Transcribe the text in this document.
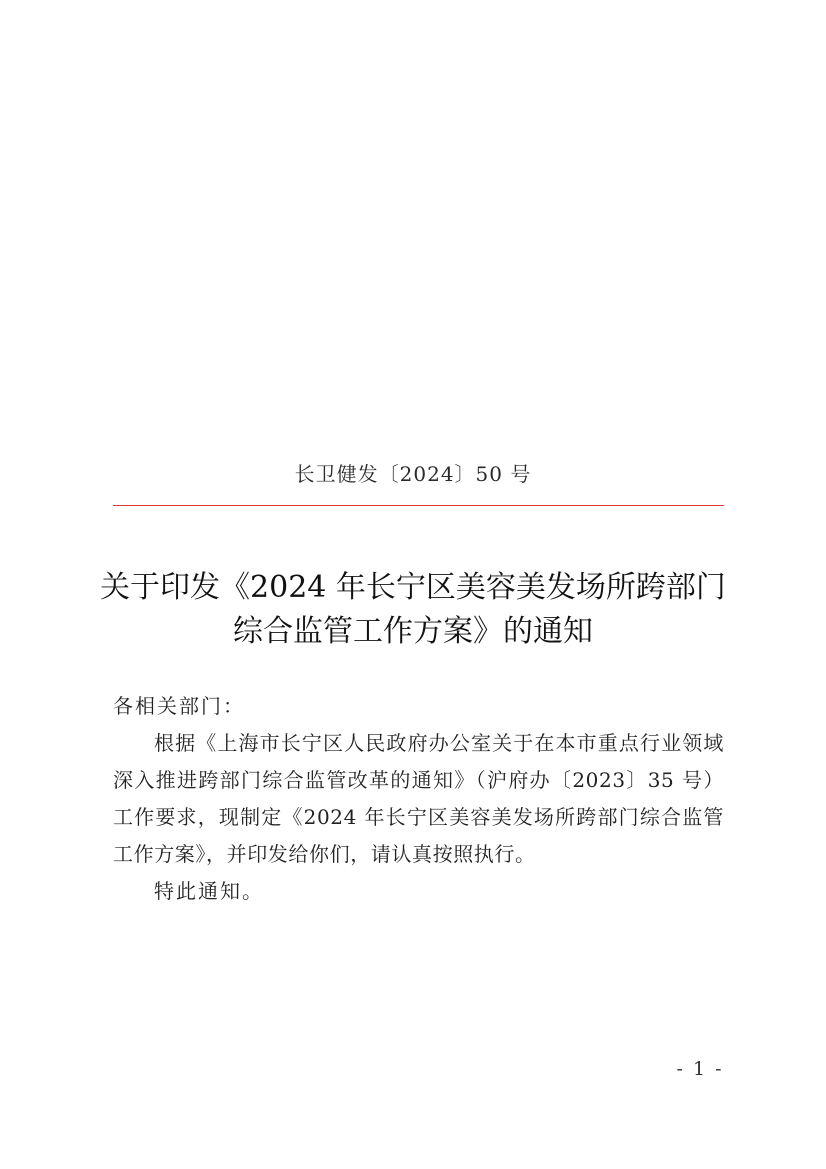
长卫健发〔2024〕50 号
关于印发《2024 年长宁区美容美发场所跨部门
综合监管工作方案》的通知

各相关部门：

根据《上海市长宁区人民政府办公室关于在本市重点行业领域深入推进跨部门综合监管改革的通知》（沪府办〔2023〕35 号）工作要求，现制定《2024 年长宁区美容美发场所跨部门综合监管工作方案》，并印发给你们，请认真按照执行。

特此通知。

- 1 -
